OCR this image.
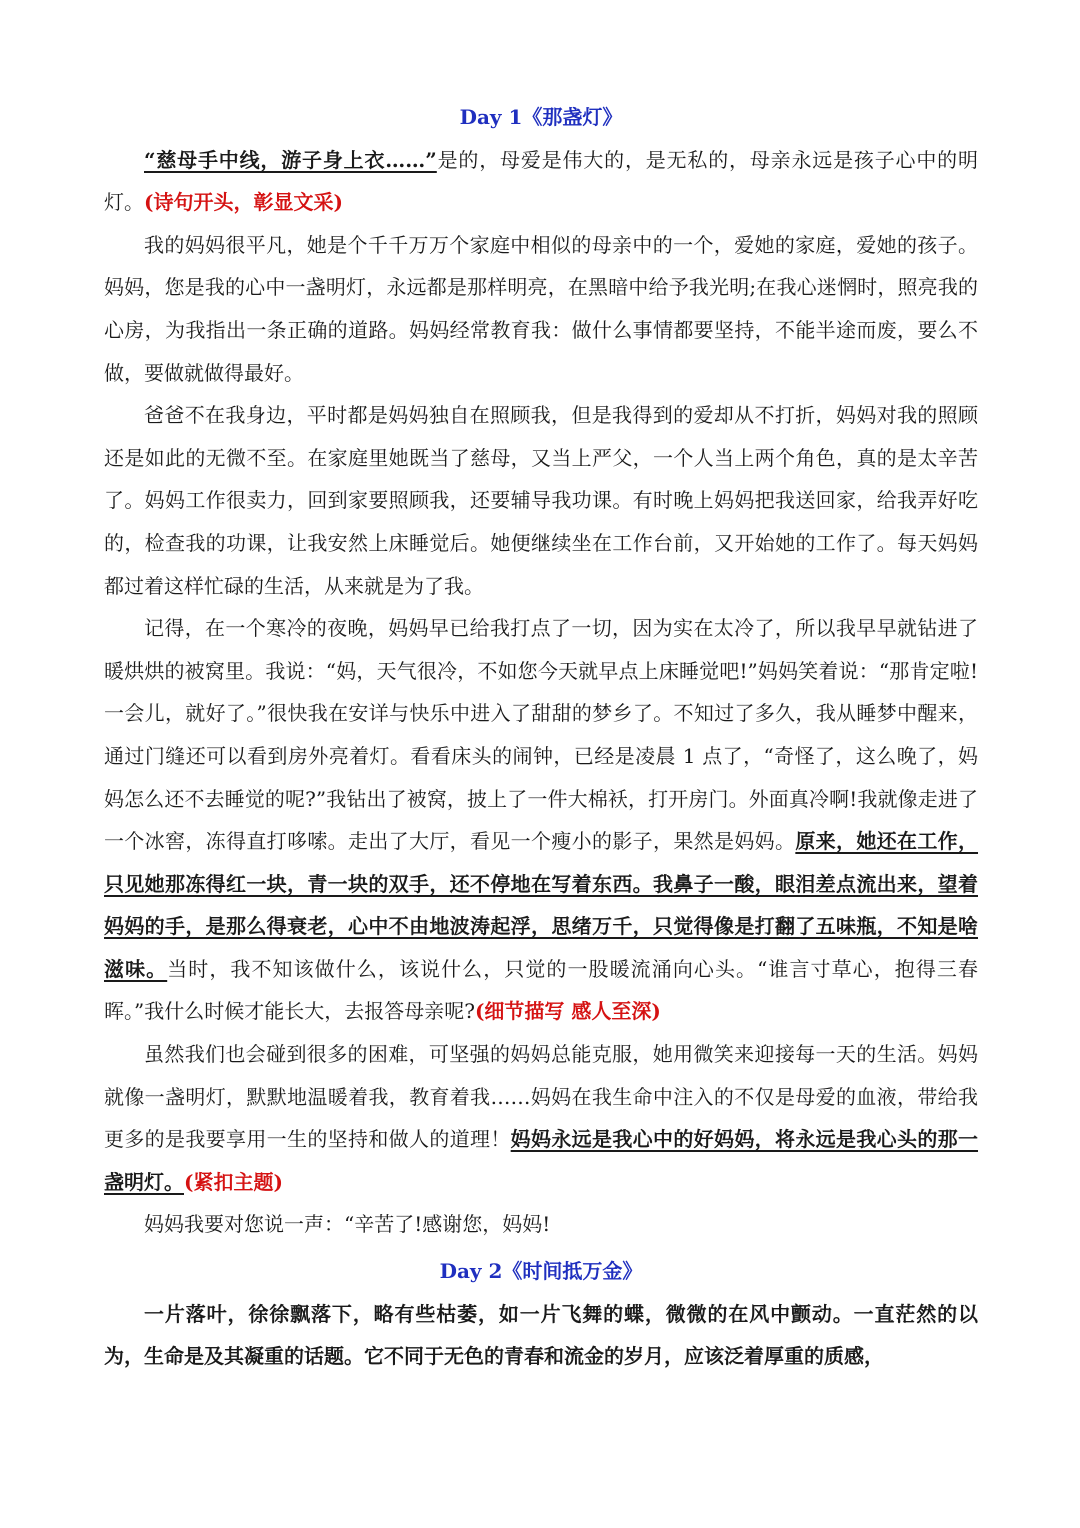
Day 1《那盏灯》

“慈母手中线，游子身上衣……”是的，母爱是伟大的，是无私的，母亲永远是孩子心中的明灯。(诗句开头，彰显文采)

我的妈妈很平凡，她是个千千万万个家庭中相似的母亲中的一个，爱她的家庭，爱她的孩子。妈妈，您是我的心中一盏明灯，永远都是那样明亮，在黑暗中给予我光明;在我心迷惘时，照亮我的心房，为我指出一条正确的道路。妈妈经常教育我：做什么事情都要坚持，不能半途而废，要么不做，要做就做得最好。

爸爸不在我身边，平时都是妈妈独自在照顾我，但是我得到的爱却从不打折，妈妈对我的照顾还是如此的无微不至。在家庭里她既当了慈母，又当上严父，一个人当上两个角色，真的是太辛苦了。妈妈工作很卖力，回到家要照顾我，还要辅导我功课。有时晚上妈妈把我送回家，给我弄好吃的，检查我的功课，让我安然上床睡觉后。她便继续坐在工作台前，又开始她的工作了。每天妈妈都过着这样忙碌的生活，从来就是为了我。

记得，在一个寒冷的夜晚，妈妈早已给我打点了一切，因为实在太冷了，所以我早早就钻进了暖烘烘的被窝里。我说：“妈，天气很冷，不如您今天就早点上床睡觉吧!”妈妈笑着说：“那肯定啦!一会儿，就好了。”很快我在安详与快乐中进入了甜甜的梦乡了。不知过了多久，我从睡梦中醒来，通过门缝还可以看到房外亮着灯。看看床头的闹钟，已经是凌晨 1 点了，“奇怪了，这么晚了，妈妈怎么还不去睡觉的呢?”我钻出了被窝，披上了一件大棉袄，打开房门。外面真冷啊!我就像走进了一个冰窖，冻得直打哆嗦。走出了大厅，看见一个瘦小的影子，果然是妈妈。原来，她还在工作，只见她那冻得红一块，青一块的双手，还不停地在写着东西。我鼻子一酸，眼泪差点流出来，望着妈妈的手，是那么得衰老，心中不由地波涛起浮，思绪万千，只觉得像是打翻了五味瓶，不知是啥滋味。当时，我不知该做什么，该说什么，只觉的一股暖流涌向心头。“谁言寸草心，抱得三春晖。”我什么时候才能长大，去报答母亲呢?(细节描写 感人至深)

虽然我们也会碰到很多的困难，可坚强的妈妈总能克服，她用微笑来迎接每一天的生活。妈妈就像一盏明灯，默默地温暖着我，教育着我……妈妈在我生命中注入的不仅是母爱的血液，带给我更多的是我要享用一生的坚持和做人的道理！妈妈永远是我心中的好妈妈，将永远是我心头的那一盏明灯。(紧扣主题)

妈妈我要对您说一声：“辛苦了!感谢您，妈妈!

Day 2《时间抵万金》

一片落叶，徐徐飘落下，略有些枯萎，如一片飞舞的蝶，微微的在风中颤动。一直茫然的以为，生命是及其凝重的话题。它不同于无色的青春和流金的岁月，应该泛着厚重的质感，
